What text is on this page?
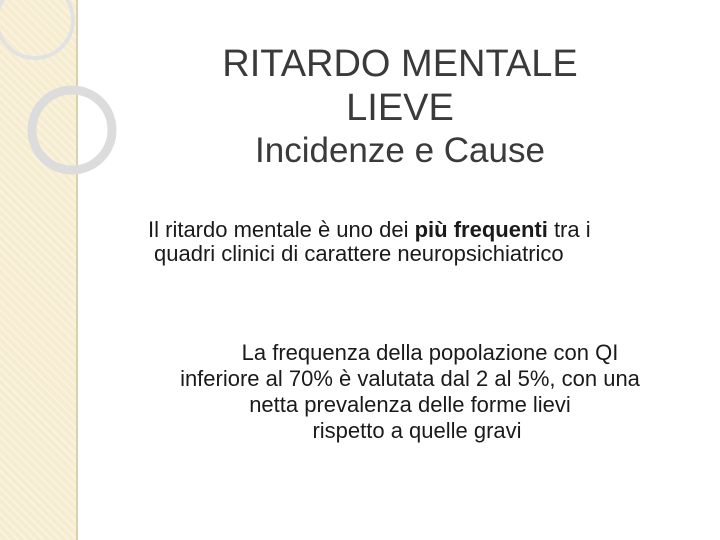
RITARDO MENTALE
LIEVE
Incidenze e Cause
Il ritardo mentale è uno dei più frequenti tra i
quadri clinici di carattere neuropsichiatrico
La frequenza della popolazione con QI
inferiore al 70% è valutata dal 2 al 5%, con una
netta prevalenza delle forme lievi
rispetto a quelle gravi
